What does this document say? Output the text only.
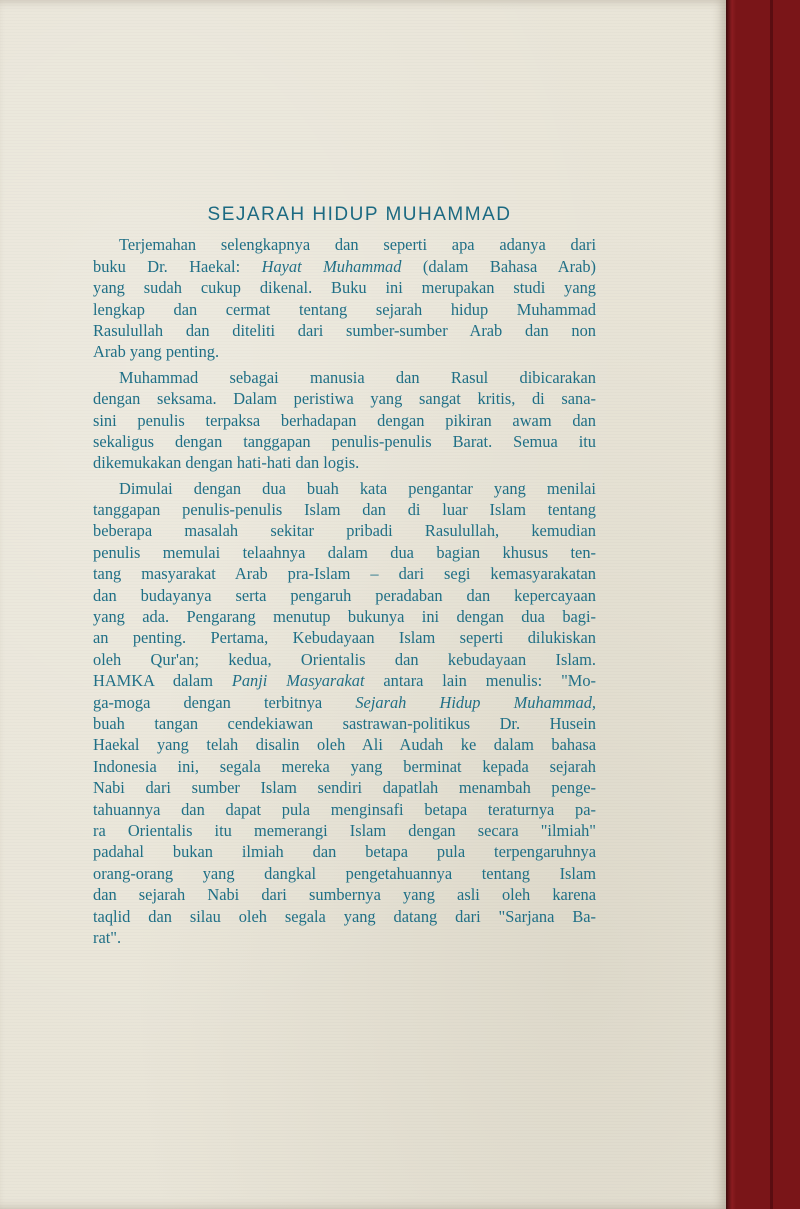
SEJARAH HIDUP MUHAMMAD
Terjemahan selengkapnya dan seperti apa adanya dari
buku Dr. Haekal: Hayat Muhammad (dalam Bahasa Arab)
yang sudah cukup dikenal. Buku ini merupakan studi yang
lengkap dan cermat tentang sejarah hidup Muhammad
Rasulullah dan diteliti dari sumber-sumber Arab dan non
Arab yang penting.
Muhammad sebagai manusia dan Rasul dibicarakan
dengan seksama. Dalam peristiwa yang sangat kritis, di sana-
sini penulis terpaksa berhadapan dengan pikiran awam dan
sekaligus dengan tanggapan penulis-penulis Barat. Semua itu
dikemukakan dengan hati-hati dan logis.
Dimulai dengan dua buah kata pengantar yang menilai
tanggapan penulis-penulis Islam dan di luar Islam tentang
beberapa masalah sekitar pribadi Rasulullah, kemudian
penulis memulai telaahnya dalam dua bagian khusus ten-
tang masyarakat Arab pra-Islam – dari segi kemasyarakatan
dan budayanya serta pengaruh peradaban dan kepercayaan
yang ada. Pengarang menutup bukunya ini dengan dua bagi-
an penting. Pertama, Kebudayaan Islam seperti dilukiskan
oleh Qur'an; kedua, Orientalis dan kebudayaan Islam.
HAMKA dalam Panji Masyarakat antara lain menulis: "Mo-
ga-moga dengan terbitnya Sejarah Hidup Muhammad,
buah tangan cendekiawan sastrawan-politikus Dr. Husein
Haekal yang telah disalin oleh Ali Audah ke dalam bahasa
Indonesia ini, segala mereka yang berminat kepada sejarah
Nabi dari sumber Islam sendiri dapatlah menambah penge-
tahuannya dan dapat pula menginsafi betapa teraturnya pa-
ra Orientalis itu memerangi Islam dengan secara "ilmiah"
padahal bukan ilmiah dan betapa pula terpengaruhnya
orang-orang yang dangkal pengetahuannya tentang Islam
dan sejarah Nabi dari sumbernya yang asli oleh karena
taqlid dan silau oleh segala yang datang dari "Sarjana Ba-
rat".
